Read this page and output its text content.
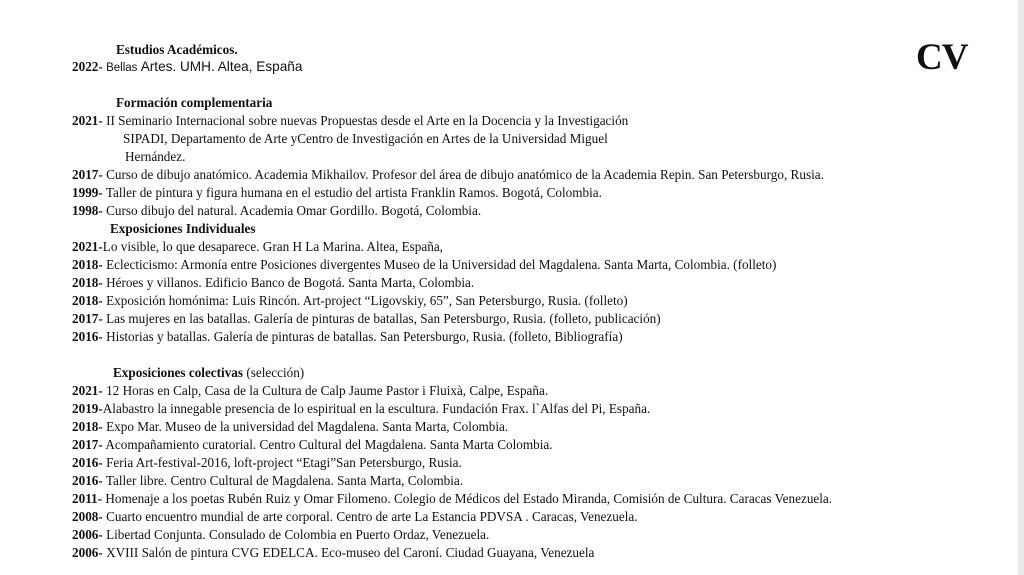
CV
Estudios Académicos.
2022- Bellas Artes. UMH. Altea, España
Formación complementaria
2021- II Seminario Internacional sobre nuevas Propuestas desde el Arte en la Docencia y la Investigación
SIPADI, Departamento de Arte yCentro de Investigación en Artes de la Universidad Miguel
Hernández.
2017- Curso de dibujo anatómico. Academia Mikhailov. Profesor del área de dibujo anatómico de la Academia Repin. San Petersburgo, Rusia.
1999- Taller de pintura y figura humana en el estudio del artista Franklin Ramos. Bogotá, Colombia.
1998- Curso dibujo del natural. Academia Omar Gordillo. Bogotá, Colombia.
Exposiciones Individuales
2021-Lo visible, lo que desaparece. Gran H La Marina. Altea, España,
2018- Eclecticismo: Armonía entre Posiciones divergentes Museo de la Universidad del Magdalena. Santa Marta, Colombia. (folleto)
2018- Héroes y villanos. Edificio Banco de Bogotá. Santa Marta, Colombia.
2018- Exposición homónima: Luis Rincón. Art-project “Ligovskiy, 65”, San Petersburgo, Rusia. (folleto)
2017- Las mujeres en las batallas. Galería de pinturas de batallas, San Petersburgo, Rusia. (folleto, publicación)
2016- Historias y batallas. Galería de pinturas de batallas. San Petersburgo, Rusia. (folleto, Bibliografía)
Exposiciones colectivas (selección)
2021- 12 Horas en Calp, Casa de la Cultura de Calp Jaume Pastor i Fluixà, Calpe, España.
2019-Alabastro la innegable presencia de lo espiritual en la escultura. Fundación Frax. l`Alfas del Pi, España.
2018- Expo Mar. Museo de la universidad del Magdalena. Santa Marta, Colombia.
2017- Acompañamiento curatorial. Centro Cultural del Magdalena. Santa Marta Colombia.
2016- Feria Art-festival-2016, loft-project “Etagi”San Petersburgo, Rusia.
2016- Taller libre. Centro Cultural de Magdalena. Santa Marta, Colombia.
2011- Homenaje a los poetas Rubén Ruiz y Omar Filomeno. Colegio de Médicos del Estado Miranda, Comisión de Cultura. Caracas Venezuela.
2008- Cuarto encuentro mundial de arte corporal. Centro de arte La Estancia PDVSA . Caracas, Venezuela.
2006- Libertad Conjunta. Consulado de Colombia en Puerto Ordaz, Venezuela.
2006- XVIII Salón de pintura CVG EDELCA. Eco-museo del Caroní. Ciudad Guayana, Venezuela
